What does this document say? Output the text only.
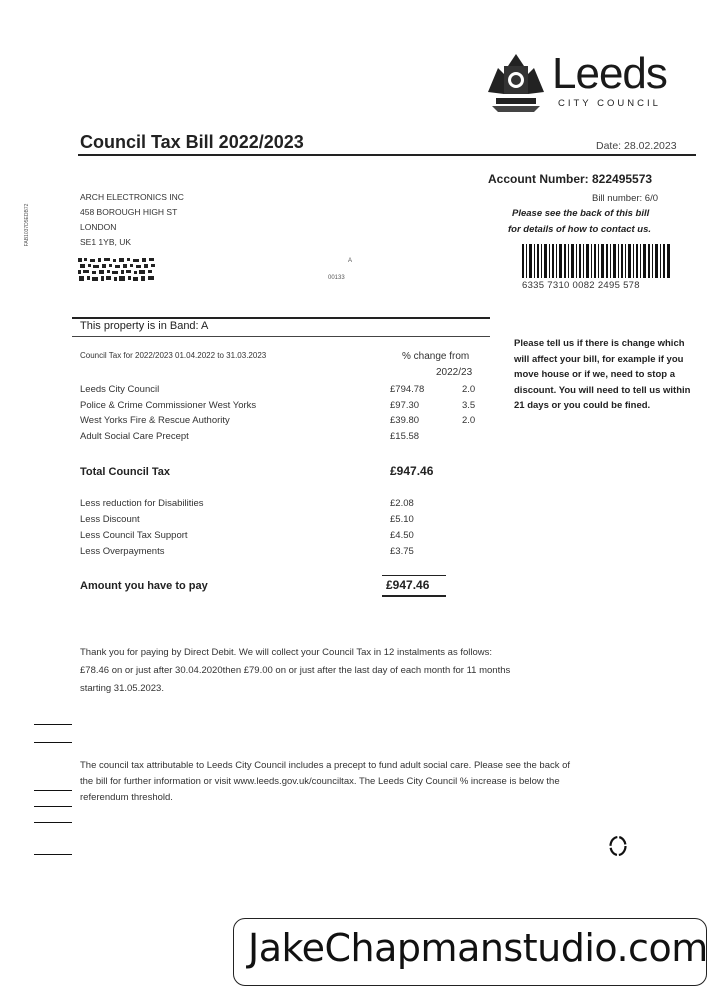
FAB1037D5EDB72
Leeds
CITY COUNCIL
Council Tax Bill 2022/2023	Date: 28.02.2023
ARCH ELECTRONICS INC
458 BOROUGH HIGH ST
LONDON
SE1 1YB, UK
A
00133
Account Number: 822495573
Bill number: 6/0
Please see the back of this bill
for details of how to contact us.
6335 7310 0082 2495 578
This property is in Band: A
Council Tax for 2022/2023 01.04.2022 to 31.03.2023	% change from
2022/23
Leeds City Council	£794.78	2.0
Police & Crime Commissioner West Yorks	£97.30	3.5
West Yorks Fire & Rescue Authority	£39.80	2.0
Adult Social Care Precept	£15.58
Total Council Tax	£947.46
Less reduction for Disabilities	£2.08
Less Discount	£5.10
Less Council Tax Support	£4.50
Less Overpayments	£3.75
Amount you have to pay	£947.46
Please tell us if there is change which will affect your bill, for example if you move house or if we, need to stop a discount. You will need to tell us within 21 days or you could be fined.
Thank you for paying by Direct Debit. We will collect your Council Tax in 12 instalments as follows:£78.46 on or just after 30.04.2020then £79.00 on or just after the last day of each month for 11 months starting 31.05.2023.
The council tax attributable to Leeds City Council includes a precept to fund adult social care. Please see the back of the bill for further information or visit www.leeds.gov.uk/counciltax. The Leeds City Council % increase is below the referendum threshold.
JakeChapmanstudio.com
